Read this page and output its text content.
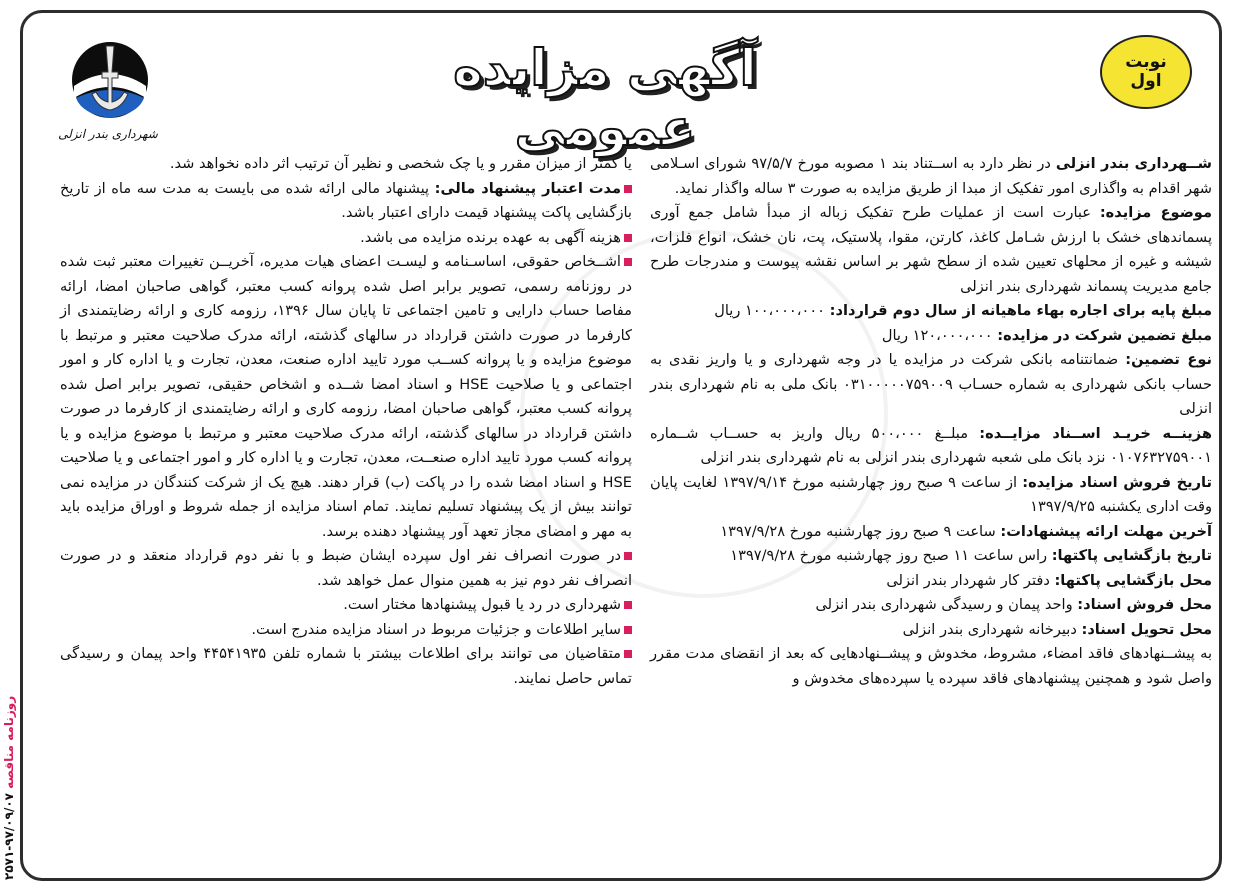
شهرداری بندر انزلی
آگهی مزایده عمومی
نوبت
اول

شــهرداری بندر انزلی در نظر دارد به اســتناد بند ۱ مصوبه مورخ ۹۷/۵/۷ شورای اسـلامی شهر اقدام به واگذاری امور تفکیک از مبدا از طریق مزایده به صورت ۳ ساله واگذار نماید.

موضوع مزایده: عبارت است از عملیات طرح تفکیک زباله از مبدأ شامل جمع آوری پسماندهای خشک با ارزش شـامل کاغذ، کارتن، مقوا، پلاستیک، پت، نان خشک، انواع فلزات، شیشه و غیره از محلهای تعیین شده از سطح شهر بر اساس نقشه پیوست و مندرجات طرح جامع مدیریت پسماند شهرداری بندر انزلی

مبلغ پایه برای اجاره بهاء ماهیانه از سال دوم قرارداد: ۱۰۰،۰۰۰،۰۰۰ ریال

مبلغ تضمین شرکت در مزایده: ۱۲۰،۰۰۰،۰۰۰ ریال

نوع تضمین: ضمانتنامه بانکی شرکت در مزایده یا در وجه شهرداری و یا واریز نقدی به حساب بانکی شهرداری به شماره حسـاب ۰۳۱۰۰۰۰۰۷۵۹۰۰۹ بانک ملی به نام شهرداری بندر انزلی

هزینــه خریـد اســناد مزایــده: مبلــغ ۵۰۰،۰۰۰ ریال واریز به حســاب شــماره ۰۱۰۷۶۳۲۷۵۹۰۰۱ نزد بانک ملی شعبه شهرداری بندر انزلی به نام شهرداری بندر انزلی

تاریخ فروش اسناد مزایده: از ساعت ۹ صبح روز چهارشنبه مورخ ۱۳۹۷/۹/۱۴ لغایت پایان وقت اداری یکشنبه ۱۳۹۷/۹/۲۵

آخرین مهلت ارائه پیشنهادات: ساعت ۹ صبح روز چهارشنبه مورخ ۱۳۹۷/۹/۲۸

تاریخ بازگشایی پاکتها: راس ساعت ۱۱ صبح روز چهارشنبه مورخ ۱۳۹۷/۹/۲۸

محل بازگشایی پاکتها: دفتر کار شهردار بندر انزلی

محل فروش اسناد: واحد پیمان و رسیدگی شهرداری بندر انزلی

محل تحویل اسناد: دبیرخانه شهرداری بندر انزلی

به پیشــنهادهای فاقد امضاء، مشروط، مخدوش و پیشــنهادهایی که بعد از انقضای مدت مقرر واصل شود و همچنین پیشنهادهای فاقد سپرده یا سپرده‌های مخدوش و

یا کمتر از میزان مقرر و یا چک شخصی و نظیر آن ترتیب اثر داده نخواهد شد.

مدت اعتبار پیشنهاد مالی: پیشنهاد مالی ارائه شده می بایست به مدت سه ماه از تاریخ بازگشایی پاکت پیشنهاد قیمت دارای اعتبار باشد.

هزینه آگهی به عهده برنده مزایده می باشد.

اشــخاص حقوقی، اساسـنامه و لیسـت اعضای هیات مدیره، آخریــن تغییرات معتبر ثبت شده در روزنامه رسمی، تصویر برابر اصل شده پروانه کسب معتبر، گواهی صاحبان امضا، ارائه مفاصا حساب دارایی و تامین اجتماعی تا پایان سال ۱۳۹۶، رزومه کاری و ارائه رضایتمندی از کارفرما در صورت داشتن قرارداد در سالهای گذشته، ارائه مدرک صلاحیت معتبر و مرتبط با موضوع مزایده و یا پروانه کســب مورد تایید اداره صنعت، معدن، تجارت و یا اداره کار و امور اجتماعی و یا صلاحیت HSE و اسناد امضا شــده و اشخاص حقیقی، تصویر برابر اصل شده پروانه کسب معتبر، گواهی صاحبان امضا، رزومه کاری و ارائه رضایتمندی از کارفرما در صورت داشتن قرارداد در سالهای گذشته، ارائه مدرک صلاحیت معتبر و مرتبط با موضوع مزایده و یا پروانه کسب مورد تایید اداره صنعــت، معدن، تجارت و یا اداره کار و امور اجتماعی و یا صلاحیت HSE و اسناد امضا شده را در پاکت (ب) قرار دهند. هیچ یک از شرکت کنندگان در مزایده نمی توانند بیش از یک پیشنهاد تسلیم نمایند. تمام اسناد مزایده از جمله شروط و اوراق مزایده باید به مهر و امضای مجاز تعهد آور پیشنهاد دهنده برسد.

در صورت انصراف نفر اول سپرده ایشان ضبط و با نفر دوم قرارداد منعقد و در صورت انصراف نفر دوم نیز به همین منوال عمل خواهد شد.

شهرداری در رد یا قبول پیشنهادها مختار است.

سایر اطلاعات و جزئیات مربوط در اسناد مزایده مندرج است.

متقاضیان می توانند برای اطلاعات بیشتر با شماره تلفن ۴۴۵۴۱۹۳۵ واحد پیمان و رسیدگی تماس حاصل نمایند.

روزنامه مناقصه ۹۷/۰۹/۰۷-۲۵۷۱
